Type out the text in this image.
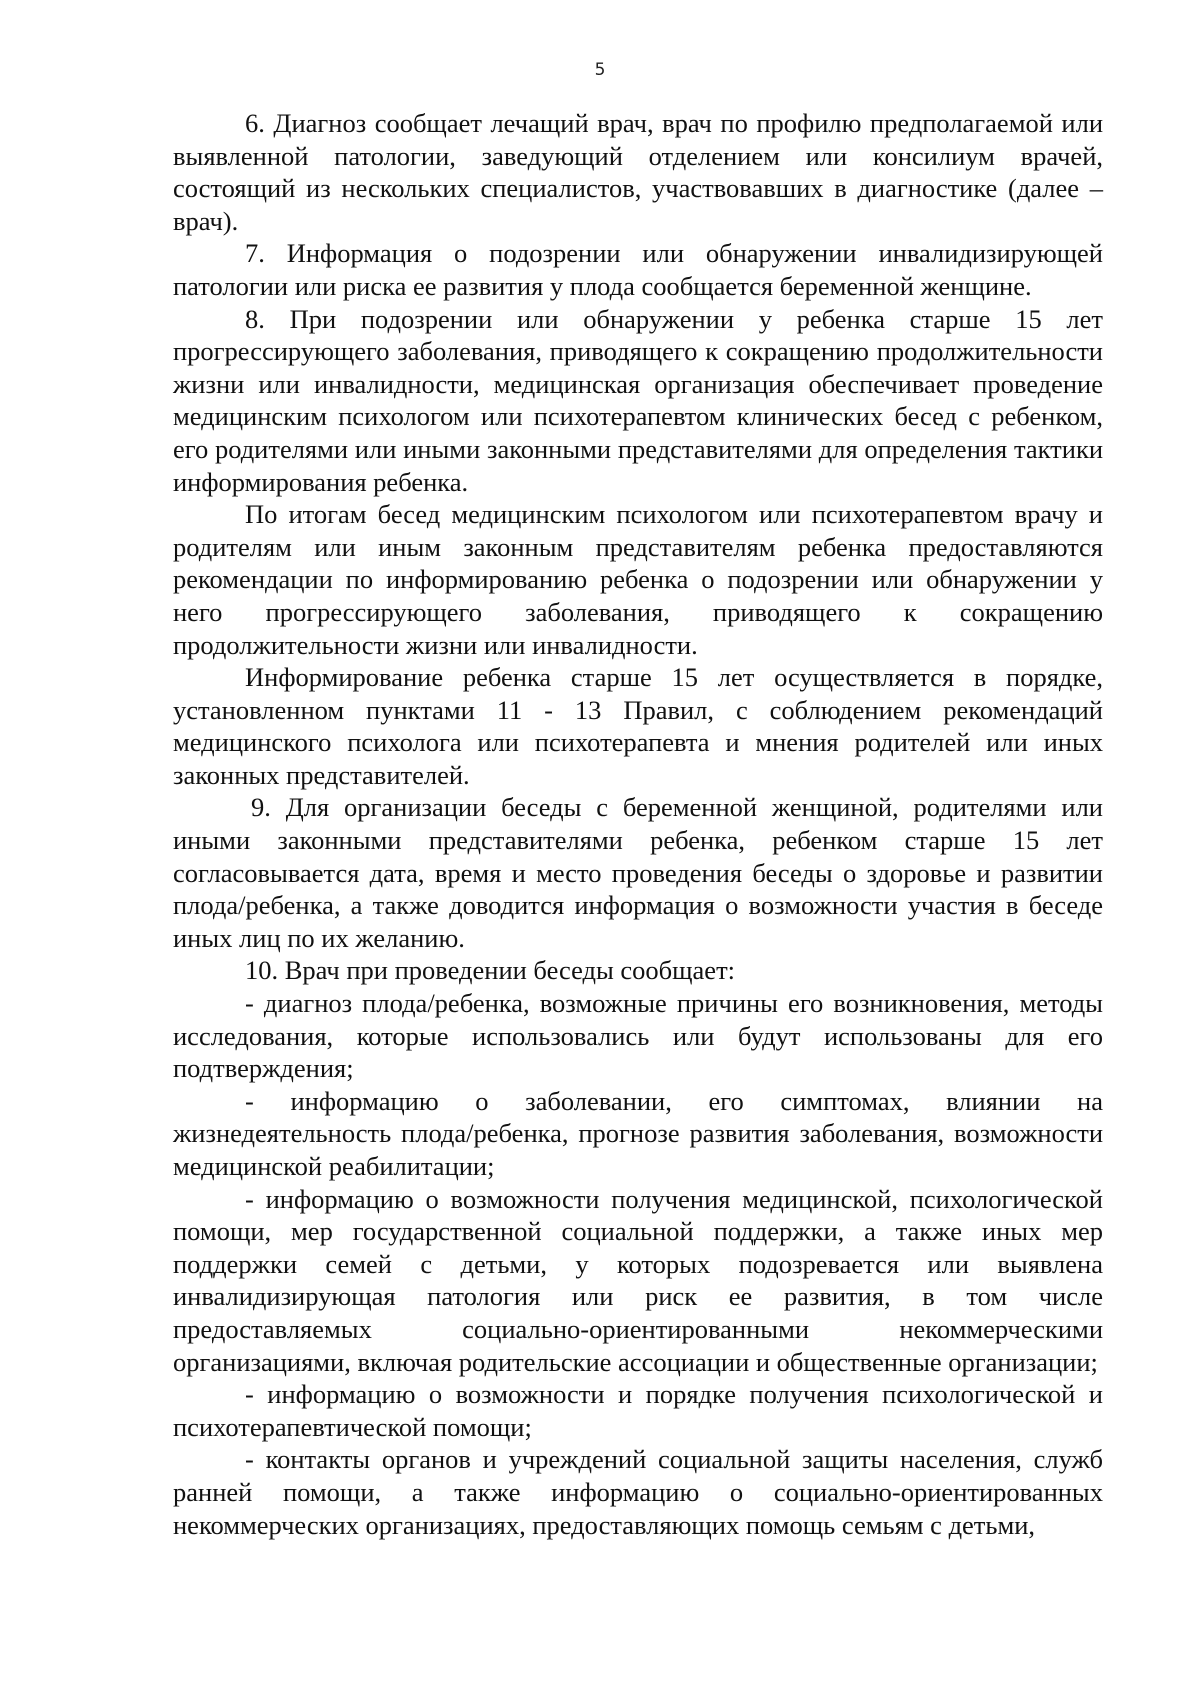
5

6. Диагноз сообщает лечащий врач, врач по профилю предполагаемой или выявленной патологии, заведующий отделением или консилиум врачей, состоящий из нескольких специалистов, участвовавших в диагностике (далее – врач).

7. Информация о подозрении или обнаружении инвалидизирующей патологии или риска ее развития у плода сообщается беременной женщине.

8. При подозрении или обнаружении у ребенка старше 15 лет прогрессирующего заболевания, приводящего к сокращению продолжительности жизни или инвалидности, медицинская организация обеспечивает проведение медицинским психологом или психотерапевтом клинических бесед с ребенком, его родителями или иными законными представителями для определения тактики информирования ребенка.

По итогам бесед медицинским психологом или психотерапевтом врачу и родителям или иным законным представителям ребенка предоставляются рекомендации по информированию ребенка о подозрении или обнаружении у него прогрессирующего заболевания, приводящего к сокращению продолжительности жизни или инвалидности.

Информирование ребенка старше 15 лет осуществляется в порядке, установленном пунктами 11 - 13 Правил, с соблюдением рекомендаций медицинского психолога или психотерапевта и мнения родителей или иных законных представителей.

9. Для организации беседы с беременной женщиной, родителями или иными законными представителями ребенка, ребенком старше 15 лет согласовывается дата, время и место проведения беседы о здоровье и развитии плода/ребенка, а также доводится информация о возможности участия в беседе иных лиц по их желанию.

10. Врач при проведении беседы сообщает:

- диагноз плода/ребенка, возможные причины его возникновения, методы исследования, которые использовались или будут использованы для его подтверждения;

- информацию о заболевании, его симптомах, влиянии на жизнедеятельность плода/ребенка, прогнозе развития заболевания, возможности медицинской реабилитации;

- информацию о возможности получения медицинской, психологической помощи, мер государственной социальной поддержки, а также иных мер поддержки семей с детьми, у которых подозревается или выявлена инвалидизирующая патология или риск ее развития, в том числе предоставляемых социально-ориентированными некоммерческими организациями, включая родительские ассоциации и общественные организации;

- информацию о возможности и порядке получения психологической и психотерапевтической помощи;

- контакты органов и учреждений социальной защиты населения, служб ранней помощи, а также информацию о социально-ориентированных некоммерческих организациях, предоставляющих помощь семьям с детьми,
